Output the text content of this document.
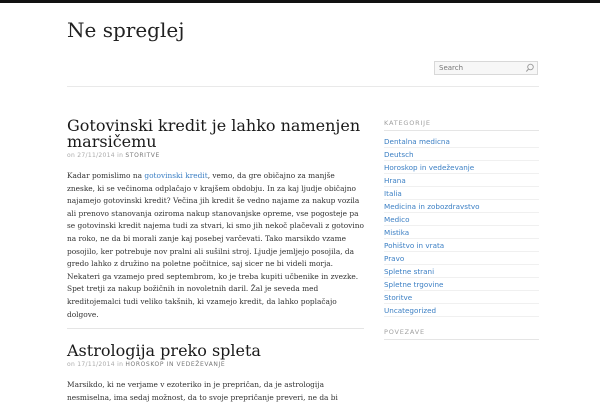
Ne spreglej
Search
Gotovinski kredit je lahko namenjen
marsičemu
on 27/11/2014 in STORITVE
Kadar pomislimo na gotovinski kredit, vemo, da gre običajno za manjše zneske, ki se večinoma odplačajo v krajšem obdobju. In za kaj ljudje običajno najamejo gotovinski kredit? Večina jih kredit še vedno najame za nakup vozila ali prenovo stanovanja oziroma nakup stanovanjske opreme, vse pogosteje pa se gotovinski kredit najema tudi za stvari, ki smo jih nekoč plačevali z gotovino na roko, ne da bi morali zanje kaj posebej varčevati. Tako marsikdo vzame posojilo, ker potrebuje nov pralni ali sušilni stroj. Ljudje jemljejo posojila, da gredo lahko z družino na poletne počitnice, saj sicer ne bi videli morja. Nekateri ga vzamejo pred septembrom, ko je treba kupiti učbenike in zvezke. Spet tretji za nakup božičnih in novoletnih daril. Žal je seveda med kreditojemalci tudi veliko takšnih, ki vzamejo kredit, da lahko poplačajo dolgove.
Astrologija preko spleta
on 17/11/2014 in HOROSKOP IN VEDEŽEVANJE
Marsikdo, ki ne verjame v ezoteriko in je prepričan, da je astrologija nesmiselna, ima sedaj možnost, da to svoje prepričanje preveri, ne da bi
KATEGORIJE
Dentalna medicna
Deutsch
Horoskop in vedeževanje
Hrana
Italia
Medicina in zobozdravstvo
Medico
Mistika
Pohištvo in vrata
Pravo
Spletne strani
Spletne trgovine
Storitve
Uncategorized
POVEZAVE
